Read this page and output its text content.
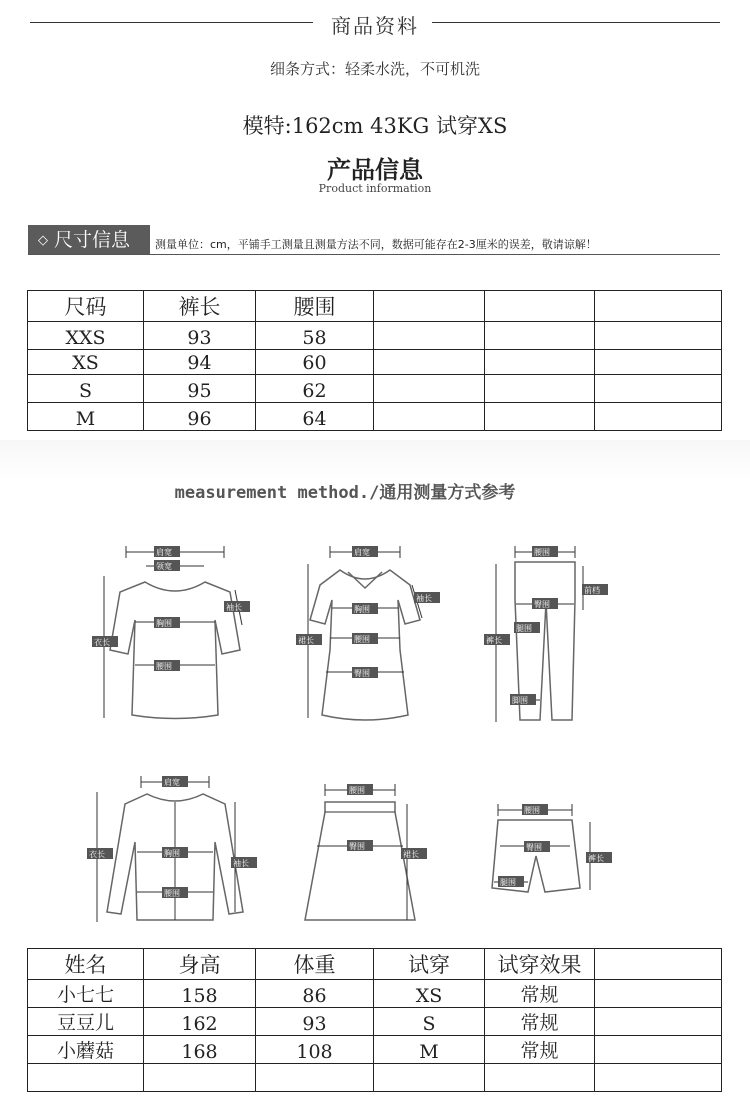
商品资料
细条方式：轻柔水洗，不可机洗
模特:162cm 43KG 试穿XS
产品信息
Product information
◇ 尺寸信息	测量单位：cm，平铺手工测量且测量方法不同，数据可能存在2-3厘米的误差，敬请谅解！
尺码	裤长	腰围			
XXS	93	58			
XS	94	60			
S	95	62			
M	96	64			
measurement method./通用测量方式参考
肩宽
领宽
袖长
胸围
腰围
衣长
肩宽
袖长
胸围
腰围
臀围
裙长
腰围
前档
臀围
腿围
裤长
脚围
肩宽
胸围
腰围
衣长
袖长
腰围
臀围
裙长
腰围
臀围
腿围
裤长
姓名	身高	体重	试穿	试穿效果	
小七七	158	86	XS	常规	
豆豆儿	162	93	S	常规	
小蘑菇	168	108	M	常规	
